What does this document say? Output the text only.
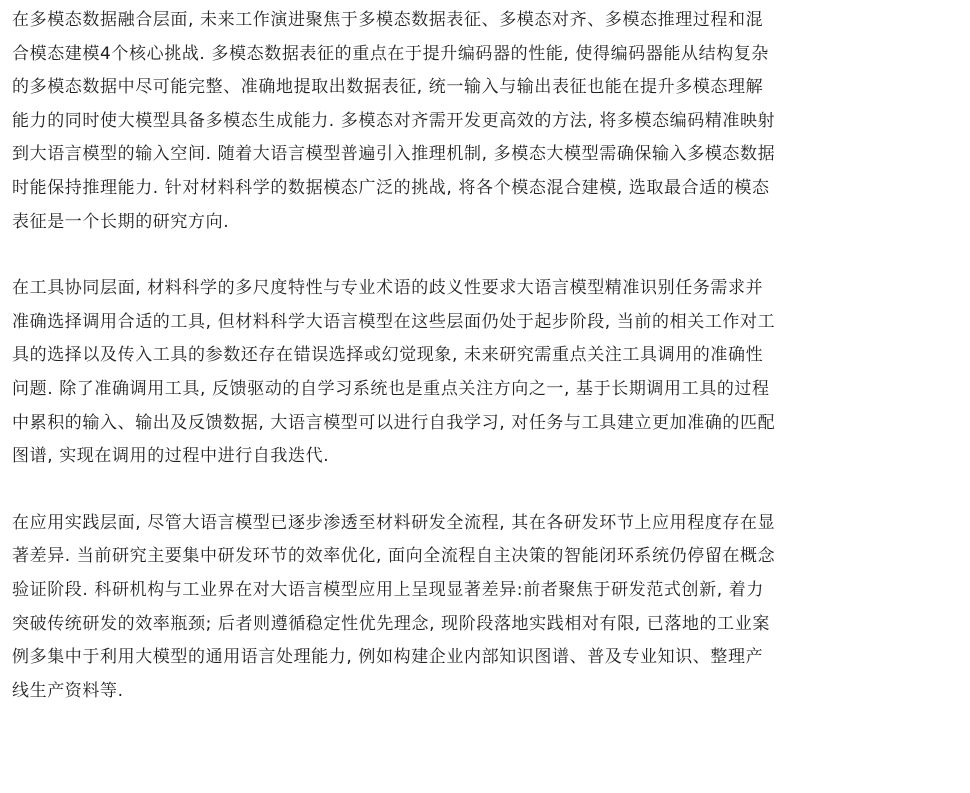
在多模态数据融合层面, 未来工作演进聚焦于多模态数据表征、多模态对齐、多模态推理过程和混
合模态建模4个核心挑战. 多模态数据表征的重点在于提升编码器的性能, 使得编码器能从结构复杂
的多模态数据中尽可能完整、准确地提取出数据表征, 统一输入与输出表征也能在提升多模态理解
能力的同时使大模型具备多模态生成能力. 多模态对齐需开发更高效的方法, 将多模态编码精准映射
到大语言模型的输入空间. 随着大语言模型普遍引入推理机制, 多模态大模型需确保输入多模态数据
时能保持推理能力. 针对材料科学的数据模态广泛的挑战, 将各个模态混合建模, 选取最合适的模态
表征是一个长期的研究方向.

在工具协同层面, 材料科学的多尺度特性与专业术语的歧义性要求大语言模型精准识别任务需求并
准确选择调用合适的工具, 但材料科学大语言模型在这些层面仍处于起步阶段, 当前的相关工作对工
具的选择以及传入工具的参数还存在错误选择或幻觉现象, 未来研究需重点关注工具调用的准确性
问题. 除了准确调用工具, 反馈驱动的自学习系统也是重点关注方向之一, 基于长期调用工具的过程
中累积的输入、输出及反馈数据, 大语言模型可以进行自我学习, 对任务与工具建立更加准确的匹配
图谱, 实现在调用的过程中进行自我迭代.

在应用实践层面, 尽管大语言模型已逐步渗透至材料研发全流程, 其在各研发环节上应用程度存在显
著差异. 当前研究主要集中研发环节的效率优化, 面向全流程自主决策的智能闭环系统仍停留在概念
验证阶段. 科研机构与工业界在对大语言模型应用上呈现显著差异:前者聚焦于研发范式创新, 着力
突破传统研发的效率瓶颈; 后者则遵循稳定性优先理念, 现阶段落地实践相对有限, 已落地的工业案
例多集中于利用大模型的通用语言处理能力, 例如构建企业内部知识图谱、普及专业知识、整理产
线生产资料等.
